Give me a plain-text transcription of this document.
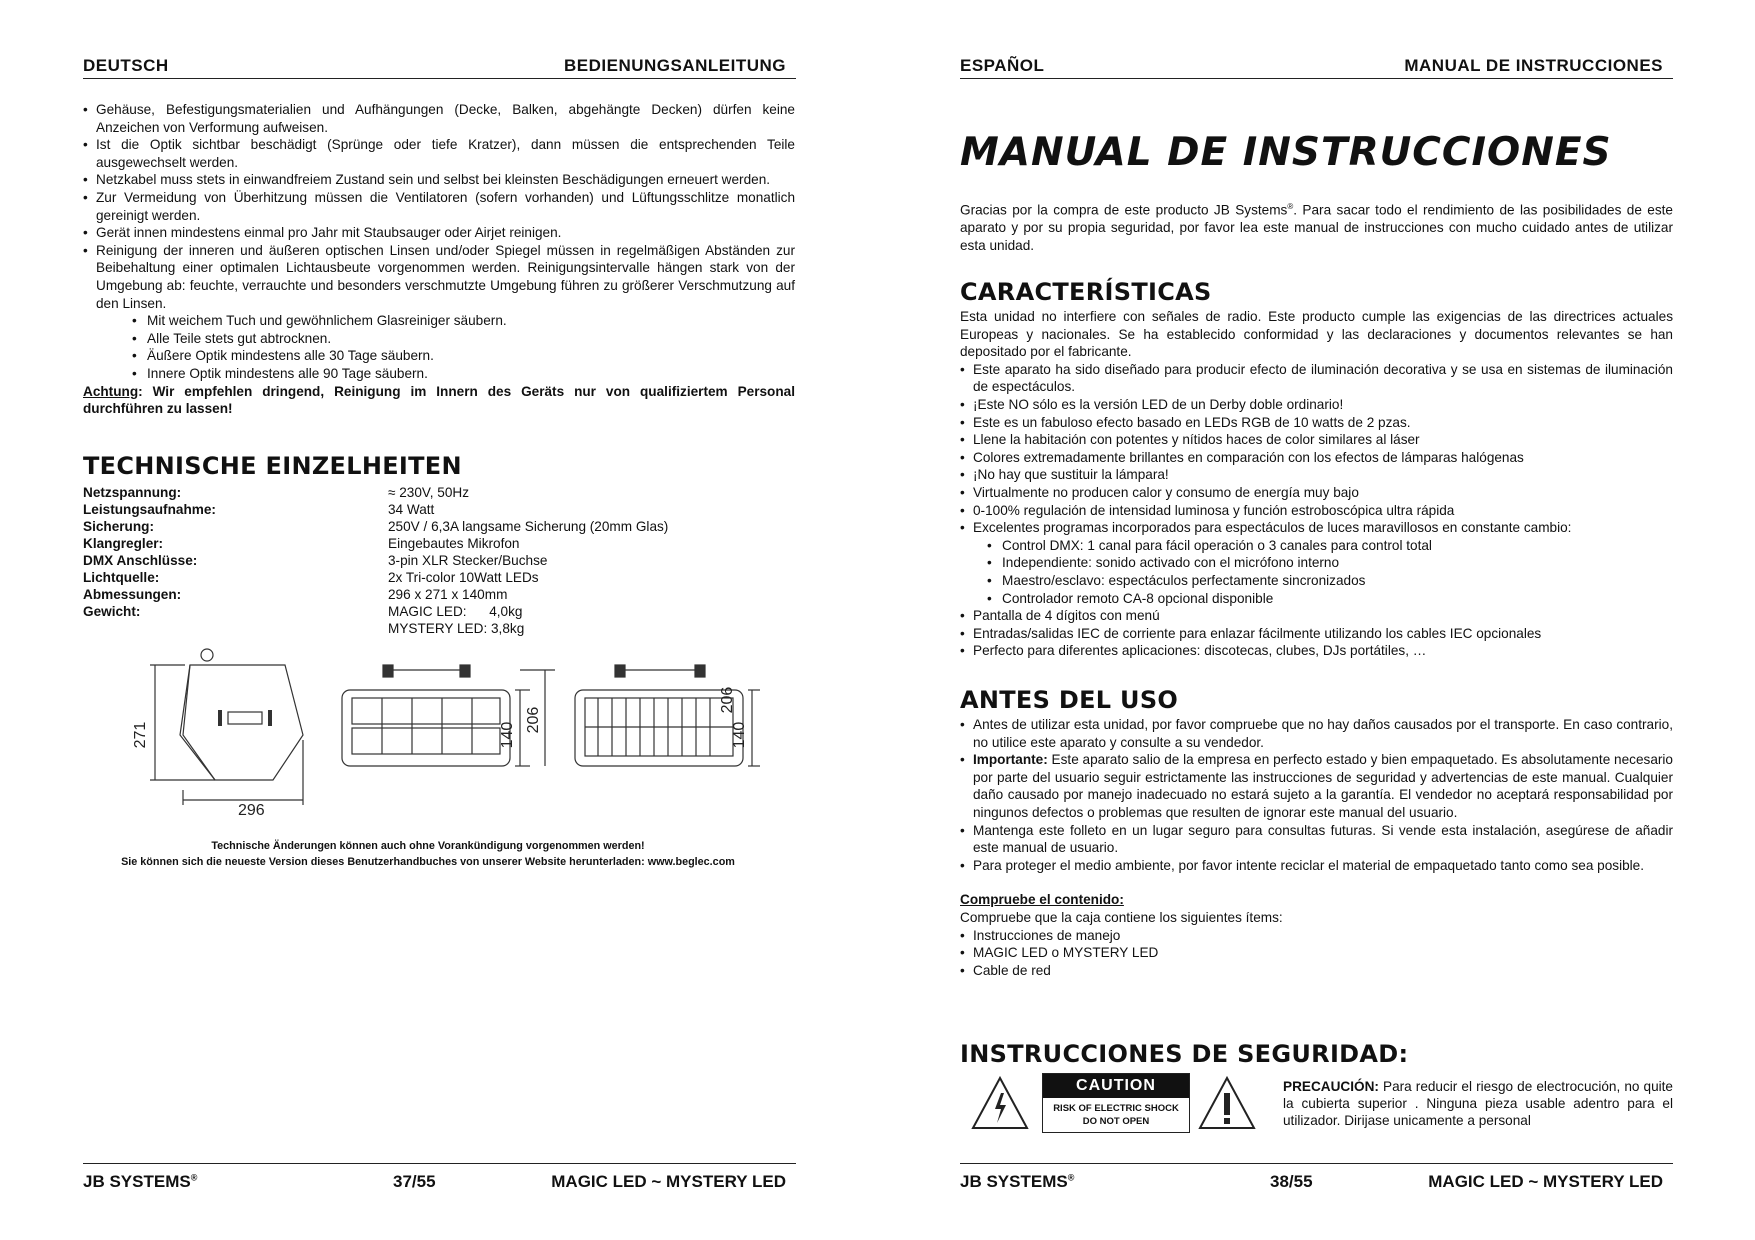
DEUTSCH	BEDIENUNGSANLEITUNG
• Gehäuse, Befestigungsmaterialien und Aufhängungen (Decke, Balken, abgehängte Decken) dürfen keine Anzeichen von Verformung aufweisen.
• Ist die Optik sichtbar beschädigt (Sprünge oder tiefe Kratzer), dann müssen die entsprechenden Teile ausgewechselt werden.
• Netzkabel muss stets in einwandfreiem Zustand sein und selbst bei kleinsten Beschädigungen erneuert werden.
• Zur Vermeidung von Überhitzung müssen die Ventilatoren (sofern vorhanden) und Lüftungsschlitze monatlich gereinigt werden.
• Gerät innen mindestens einmal pro Jahr mit Staubsauger oder Airjet reinigen.
• Reinigung der inneren und äußeren optischen Linsen und/oder Spiegel müssen in regelmäßigen Abständen zur Beibehaltung einer optimalen Lichtausbeute vorgenommen werden. Reinigungsintervalle hängen stark von der Umgebung ab: feuchte, verrauchte und besonders verschmutzte Umgebung führen zu größerer Verschmutzung auf den Linsen.
• Mit weichem Tuch und gewöhnlichem Glasreiniger säubern.
• Alle Teile stets gut abtrocknen.
• Äußere Optik mindestens alle 30 Tage säubern.
• Innere Optik mindestens alle 90 Tage säubern.

Achtung: Wir empfehlen dringend, Reinigung im Innern des Geräts nur von qualifiziertem Personal durchführen zu lassen!

TECHNISCHE EINZELHEITEN
Netzspannung:	≈ 230V, 50Hz
Leistungsaufnahme:	34 Watt
Sicherung:	250V / 6,3A langsame Sicherung (20mm Glas)
Klangregler:	Eingebautes Mikrofon
DMX Anschlüsse:	3-pin XLR Stecker/Buchse
Lichtquelle:	2x Tri-color 10Watt LEDs
Abmessungen:	296 x 271 x 140mm
Gewicht:	MAGIC LED:      4,0kg
MYSTERY LED: 3,8kg
271
296
140
206
140
206
Technische Änderungen können auch ohne Vorankündigung vorgenommen werden!
Sie können sich die neueste Version dieses Benutzerhandbuches von unserer Website herunterladen: www.beglec.com
JB SYSTEMS®	37/55	MAGIC LED ~ MYSTERY LED
ESPAÑOL	MANUAL DE INSTRUCCIONES
MANUAL DE INSTRUCCIONES

Gracias por la compra de este producto JB Systems®. Para sacar todo el rendimiento de las posibilidades de este aparato y por su propia seguridad, por favor lea este manual de instrucciones con mucho cuidado antes de utilizar esta unidad.

CARACTERÍSTICAS

Esta unidad no interfiere con señales de radio. Este producto cumple las exigencias de las directrices actuales Europeas y nacionales. Se ha establecido conformidad y las declaraciones y documentos relevantes se han depositado por el fabricante.

• Este aparato ha sido diseñado para producir efecto de iluminación decorativa y se usa en sistemas de iluminación de espectáculos.
• ¡Este NO sólo es la versión LED de un Derby doble ordinario!
• Este es un fabuloso efecto basado en LEDs RGB de 10 watts de 2 pzas.
• Llene la habitación con potentes y nítidos haces de color similares al láser
• Colores extremadamente brillantes en comparación con los efectos de lámparas halógenas
• ¡No hay que sustituir la lámpara!
• Virtualmente no producen calor y consumo de energía muy bajo
• 0-100% regulación de intensidad luminosa y función estroboscópica ultra rápida
• Excelentes programas incorporados para espectáculos de luces maravillosos en constante cambio:
• Control DMX: 1 canal para fácil operación o 3 canales para control total
• Independiente: sonido activado con el micrófono interno
• Maestro/esclavo: espectáculos perfectamente sincronizados
• Controlador remoto CA-8 opcional disponible
• Pantalla de 4 dígitos con menú
• Entradas/salidas IEC de corriente para enlazar fácilmente utilizando los cables IEC opcionales
• Perfecto para diferentes aplicaciones: discotecas, clubes, DJs portátiles, …
ANTES DEL USO
• Antes de utilizar esta unidad, por favor compruebe que no hay daños causados por el transporte. En caso contrario, no utilice este aparato y consulte a su vendedor.
• Importante: Este aparato salio de la empresa en perfecto estado y bien empaquetado. Es absolutamente necesario por parte del usuario seguir estrictamente las instrucciones de seguridad y advertencias de este manual. Cualquier daño causado por manejo inadecuado no estará sujeto a la garantía. El vendedor no aceptará responsabilidad por ningunos defectos o problemas que resulten de ignorar este manual del usuario.
• Mantenga este folleto en un lugar seguro para consultas futuras. Si vende esta instalación, asegúrese de añadir este manual de usuario.
• Para proteger el medio ambiente, por favor intente reciclar el material de empaquetado tanto como sea posible.

Compruebe el contenido:

Compruebe que la caja contiene los siguientes ítems:

• Instrucciones de manejo
• MAGIC LED o MYSTERY LED
• Cable de red
INSTRUCCIONES DE SEGURIDAD:
CAUTION
RISK OF ELECTRIC SHOCK
DO NOT OPEN

PRECAUCIÓN: Para reducir el riesgo de electrocución, no quite la cubierta superior . Ninguna pieza usable adentro para el utilizador. Dirijase unicamente a personal

JB SYSTEMS®	38/55	MAGIC LED ~ MYSTERY LED
